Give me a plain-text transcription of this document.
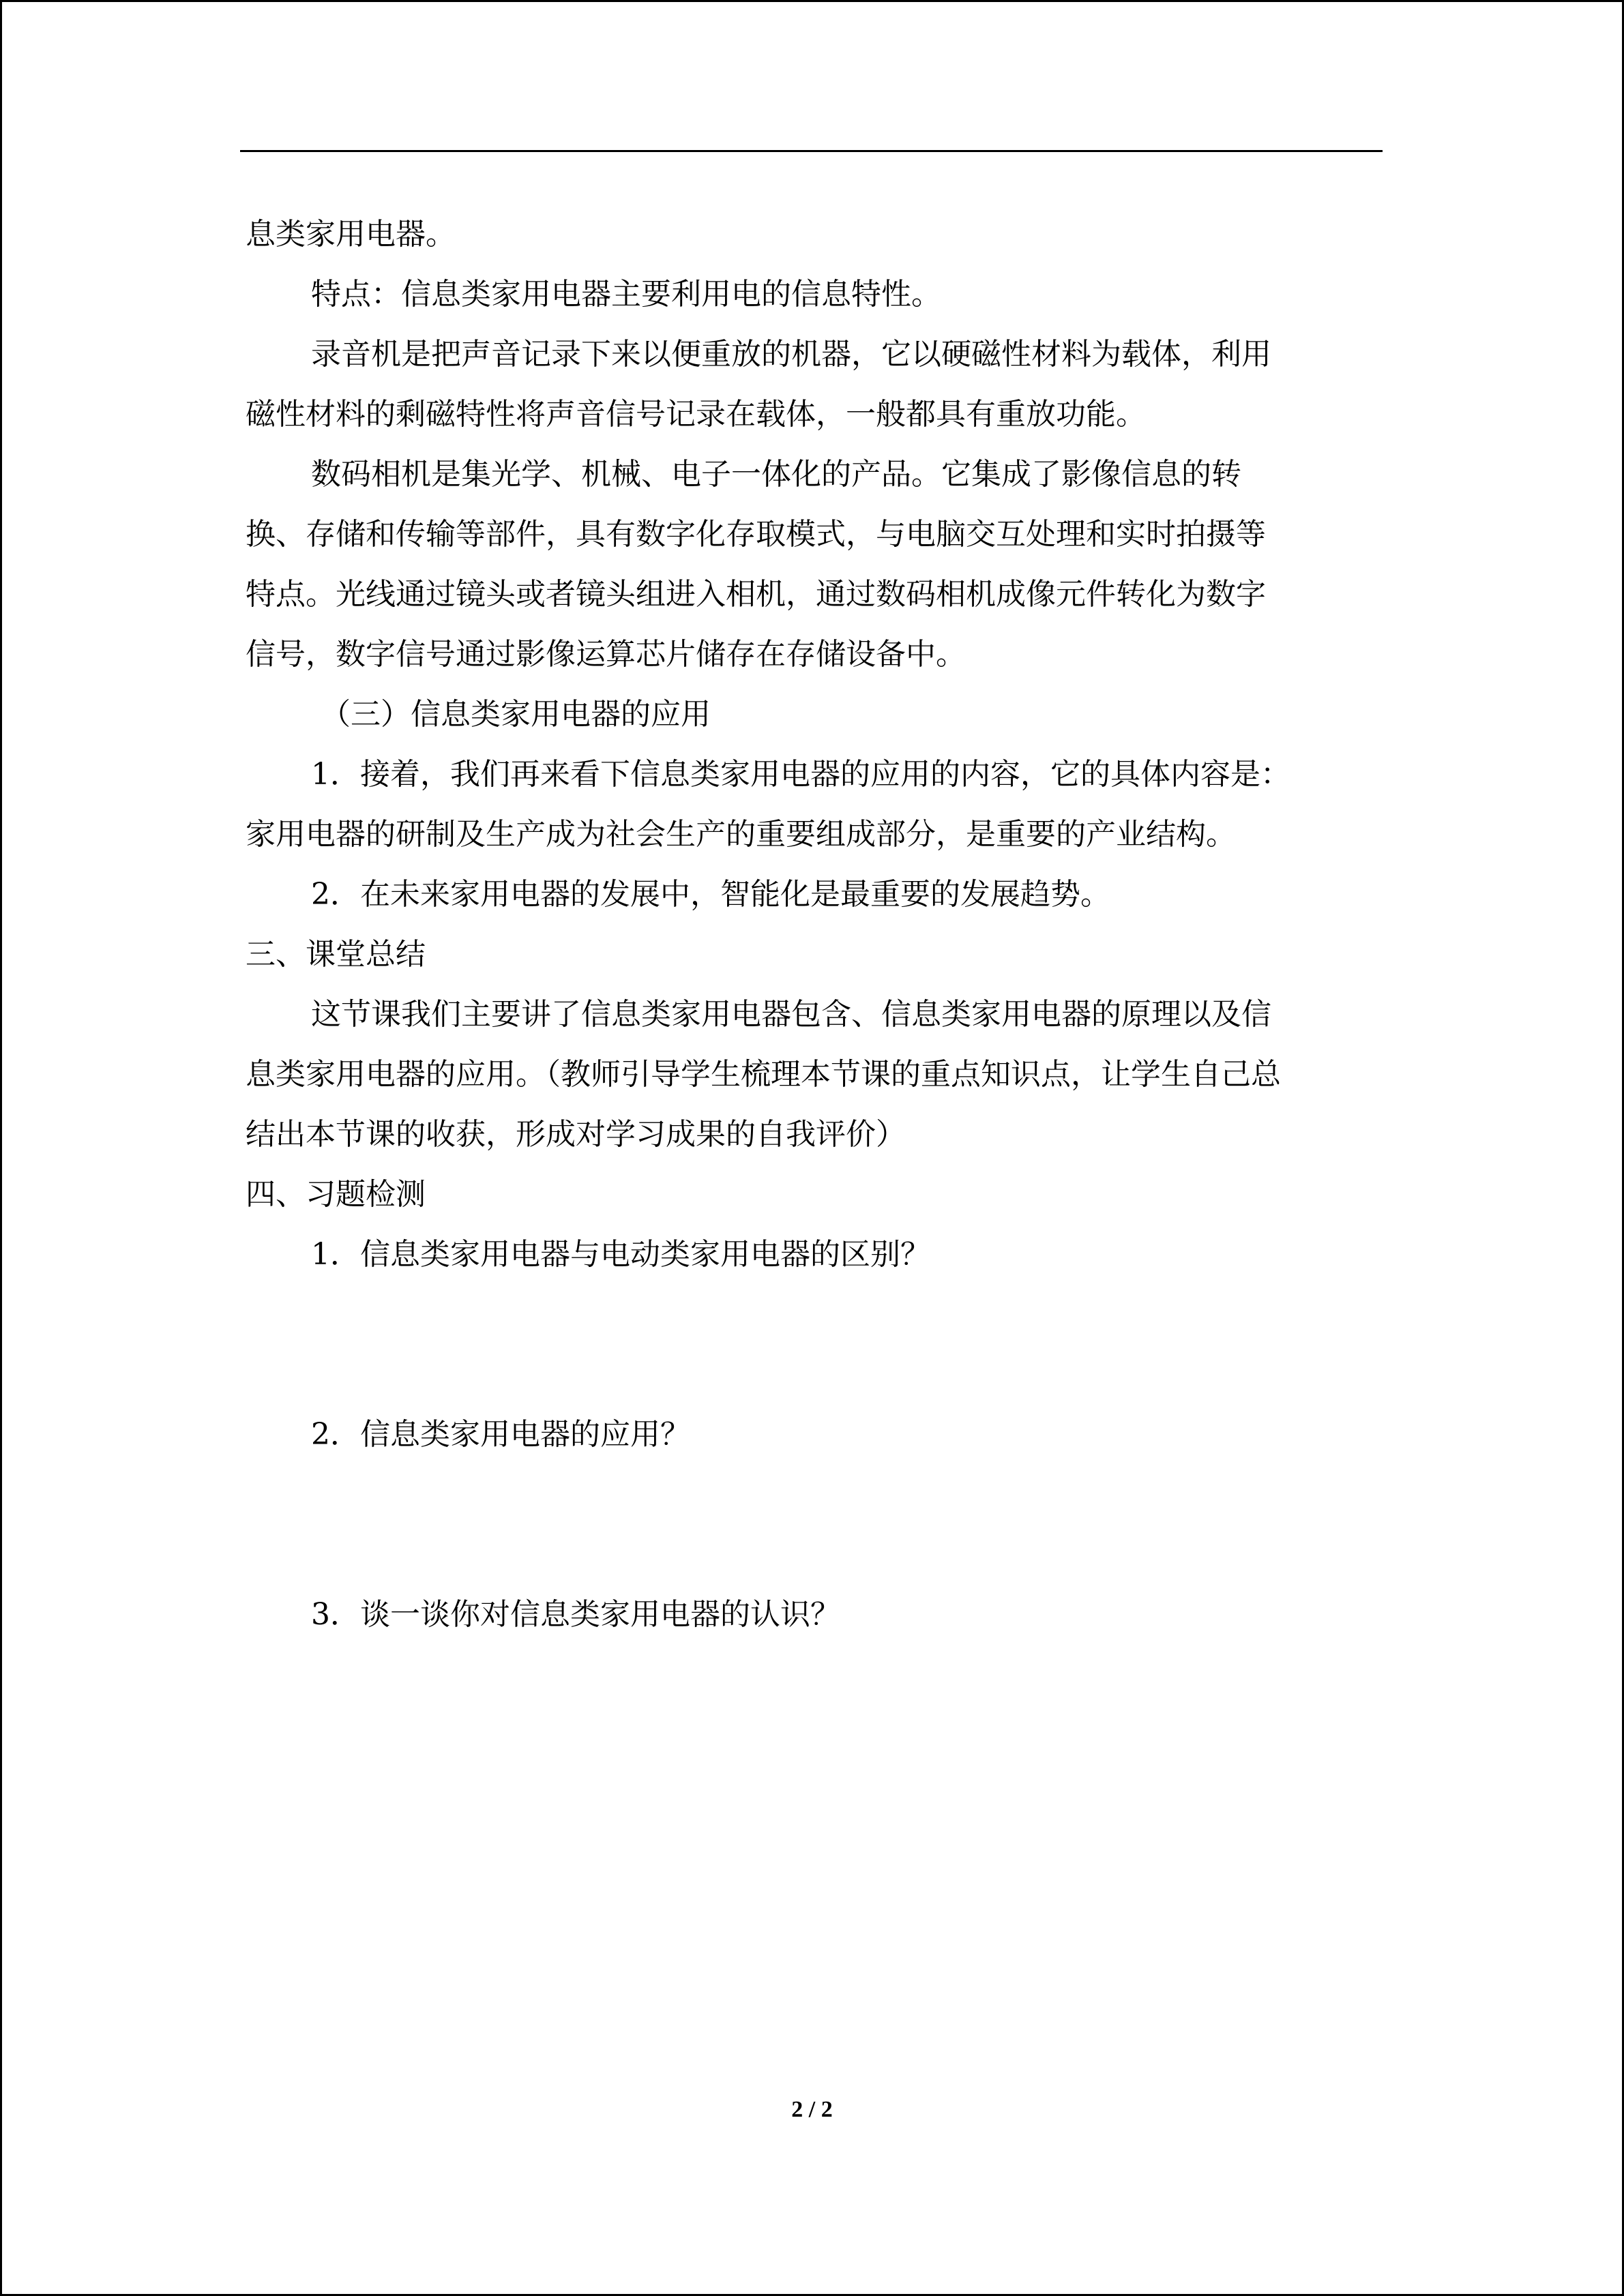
息类家用电器。

特点：信息类家用电器主要利用电的信息特性。

录音机是把声音记录下来以便重放的机器，它以硬磁性材料为载体，利用

磁性材料的剩磁特性将声音信号记录在载体，一般都具有重放功能。

数码相机是集光学、机械、电子一体化的产品。它集成了影像信息的转

换、存储和传输等部件，具有数字化存取模式，与电脑交互处理和实时拍摄等

特点。光线通过镜头或者镜头组进入相机，通过数码相机成像元件转化为数字

信号，数字信号通过影像运算芯片储存在存储设备中。

（三）信息类家用电器的应用

1．接着，我们再来看下信息类家用电器的应用的内容，它的具体内容是：

家用电器的研制及生产成为社会生产的重要组成部分，是重要的产业结构。

2．在未来家用电器的发展中，智能化是最重要的发展趋势。

三、课堂总结

这节课我们主要讲了信息类家用电器包含、信息类家用电器的原理以及信

息类家用电器的应用。（教师引导学生梳理本节课的重点知识点，让学生自己总

结出本节课的收获，形成对学习成果的自我评价）

四、习题检测

1．信息类家用电器与电动类家用电器的区别？

2．信息类家用电器的应用？

3．谈一谈你对信息类家用电器的认识？

2 / 2
